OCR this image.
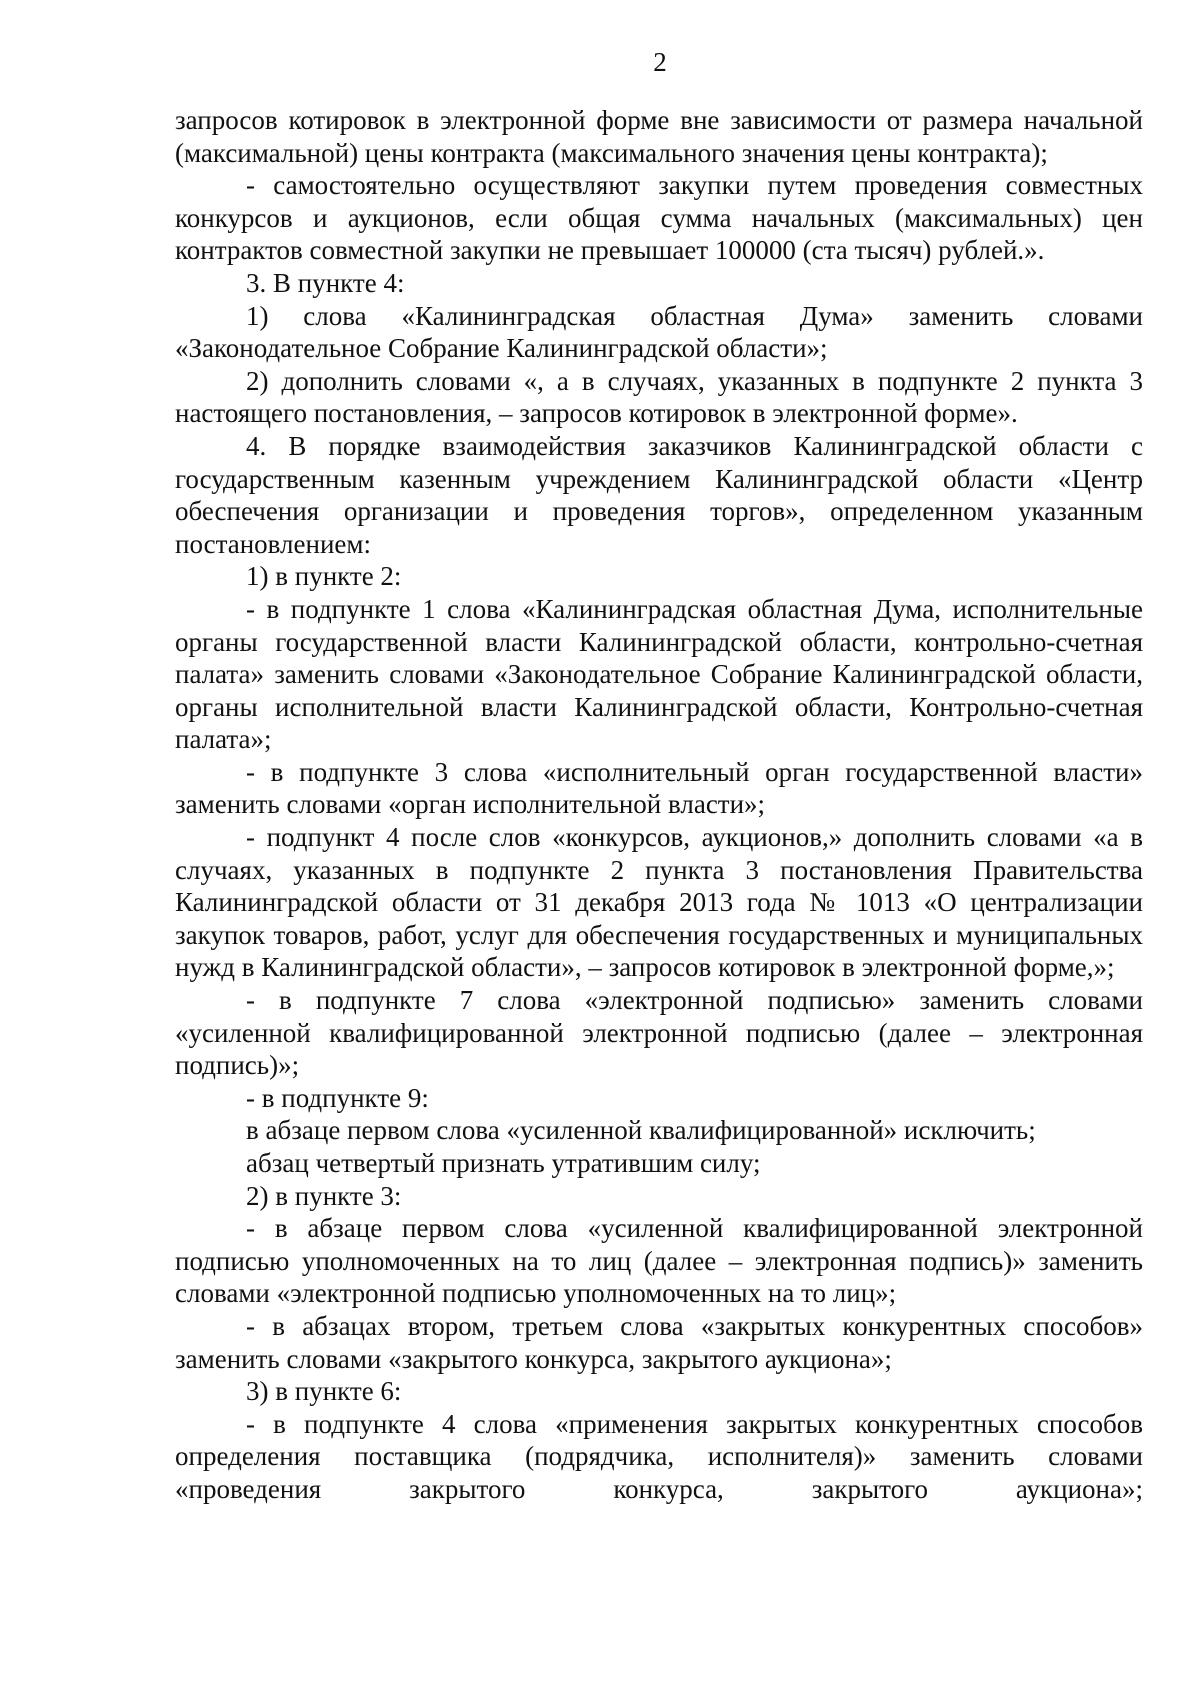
2

запросов котировок в электронной форме вне зависимости от размера начальной (максимальной) цены контракта (максимального значения цены контракта);

- самостоятельно осуществляют закупки путем проведения совместных конкурсов и аукционов, если общая сумма начальных (максимальных) цен контрактов совместной закупки не превышает 100000 (ста тысяч) рублей.».

3. В пункте 4:

1) слова «Калининградская областная Дума» заменить словами «Законодательное Собрание Калининградской области»;

2) дополнить словами «, а в случаях, указанных в подпункте 2 пункта 3 настоящего постановления, – запросов котировок в электронной форме».

4. В порядке взаимодействия заказчиков Калининградской области с государственным казенным учреждением Калининградской области «Центр обеспечения организации и проведения торгов», определенном указанным постановлением:

1) в пункте 2:

- в подпункте 1 слова «Калининградская областная Дума, исполнительные органы государственной власти Калининградской области, контрольно-счетная палата» заменить словами «Законодательное Собрание Калининградской области, органы исполнительной власти Калининградской области, Контрольно-счетная палата»;

- в подпункте 3 слова «исполнительный орган государственной власти» заменить словами «орган исполнительной власти»;

- подпункт 4 после слов «конкурсов, аукционов,» дополнить словами «а в случаях, указанных в подпункте 2 пункта 3 постановления Правительства Калининградской области от 31 декабря 2013 года № 1013 «О централизации закупок товаров, работ, услуг для обеспечения государственных и муниципальных нужд в Калининградской области», – запросов котировок в электронной форме,»;

- в подпункте 7 слова «электронной подписью» заменить словами «усиленной квалифицированной электронной подписью (далее – электронная подпись)»;

- в подпункте 9:

в абзаце первом слова «усиленной квалифицированной» исключить;

абзац четвертый признать утратившим силу;

2) в пункте 3:

- в абзаце первом слова «усиленной квалифицированной электронной подписью уполномоченных на то лиц (далее – электронная подпись)» заменить словами «электронной подписью уполномоченных на то лиц»;

- в абзацах втором, третьем слова «закрытых конкурентных способов» заменить словами «закрытого конкурса, закрытого аукциона»;

3) в пункте 6:

- в подпункте 4 слова «применения закрытых конкурентных способов определения поставщика (подрядчика, исполнителя)» заменить словами «проведения закрытого конкурса, закрытого аукциона»;
